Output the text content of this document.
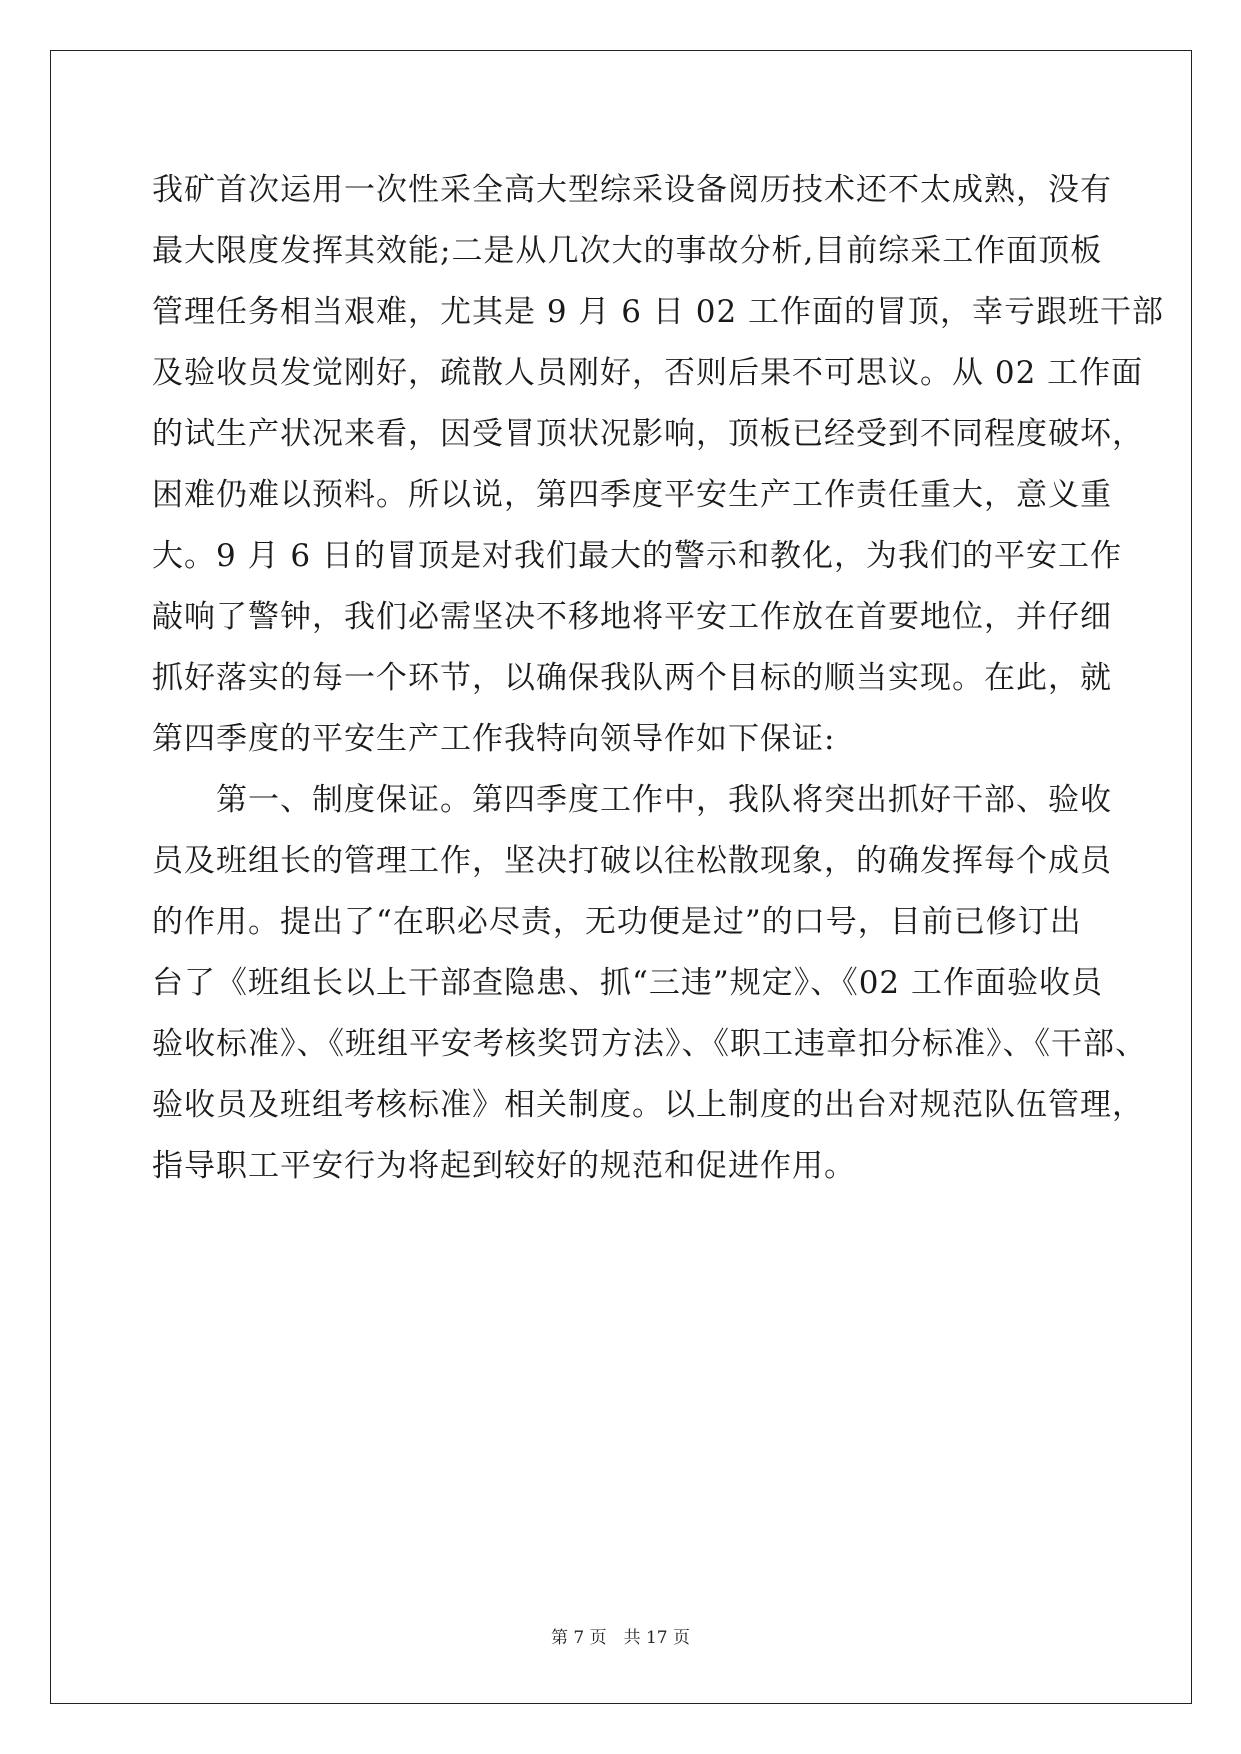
我矿首次运用一次性采全高大型综采设备阅历技术还不太成熟，没有
最大限度发挥其效能;二是从几次大的事故分析,目前综采工作面顶板
管理任务相当艰难，尤其是 9 月 6 日 02 工作面的冒顶，幸亏跟班干部
及验收员发觉刚好，疏散人员刚好，否则后果不可思议。从 02 工作面
的试生产状况来看，因受冒顶状况影响，顶板已经受到不同程度破坏，
困难仍难以预料。所以说，第四季度平安生产工作责任重大，意义重
大。9 月 6 日的冒顶是对我们最大的警示和教化，为我们的平安工作
敲响了警钟，我们必需坚决不移地将平安工作放在首要地位，并仔细
抓好落实的每一个环节，以确保我队两个目标的顺当实现。在此，就
第四季度的平安生产工作我特向领导作如下保证:
　　第一、制度保证。第四季度工作中，我队将突出抓好干部、验收
员及班组长的管理工作，坚决打破以往松散现象，的确发挥每个成员
的作用。提出了“在职必尽责，无功便是过”的口号，目前已修订出
台了《班组长以上干部查隐患、抓“三违”规定》、《02 工作面验收员
验收标准》、《班组平安考核奖罚方法》、《职工违章扣分标准》、《干部、
验收员及班组考核标准》相关制度。以上制度的出台对规范队伍管理，
指导职工平安行为将起到较好的规范和促进作用。
第 7 页　共 17 页
